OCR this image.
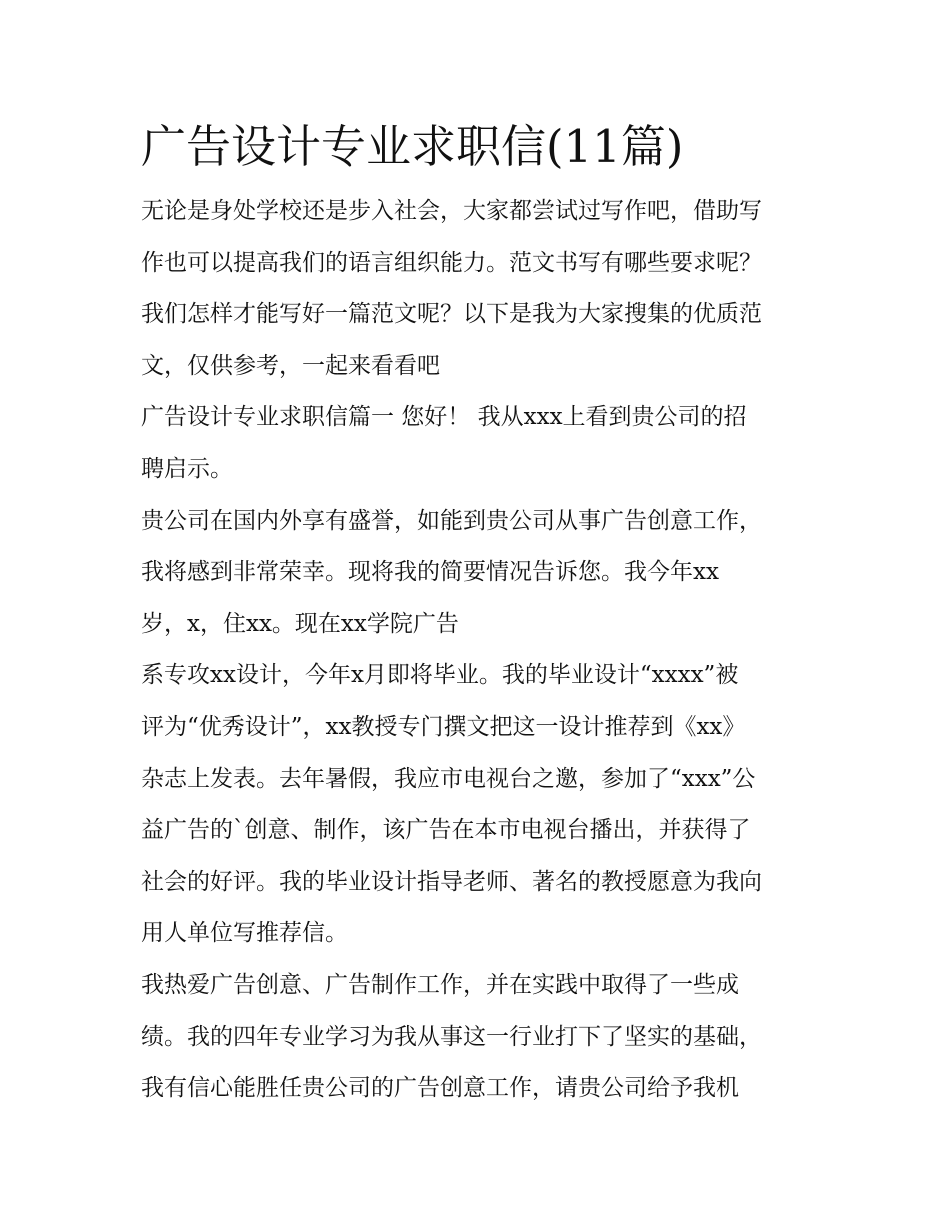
广告设计专业求职信(11篇)

无论是身处学校还是步入社会，大家都尝试过写作吧，借助写

作也可以提高我们的语言组织能力。范文书写有哪些要求呢？

我们怎样才能写好一篇范文呢？以下是我为大家搜集的优质范

文，仅供参考，一起来看看吧

广告设计专业求职信篇一 您好！ 我从xxx上看到贵公司的招

聘启示。

贵公司在国内外享有盛誉，如能到贵公司从事广告创意工作，

我将感到非常荣幸。现将我的简要情况告诉您。我今年xx

岁，x，住xx。现在xx学院广告

系专攻xx设计，今年x月即将毕业。我的毕业设计“xxxx”被

评为“优秀设计”，xx教授专门撰文把这一设计推荐到《xx》

杂志上发表。去年暑假，我应市电视台之邀，参加了“xxx”公

益广告的`创意、制作，该广告在本市电视台播出，并获得了

社会的好评。我的毕业设计指导老师、著名的教授愿意为我向

用人单位写推荐信。

我热爱广告创意、广告制作工作，并在实践中取得了一些成

绩。我的四年专业学习为我从事这一行业打下了坚实的基础，

我有信心能胜任贵公司的广告创意工作，请贵公司给予我机
